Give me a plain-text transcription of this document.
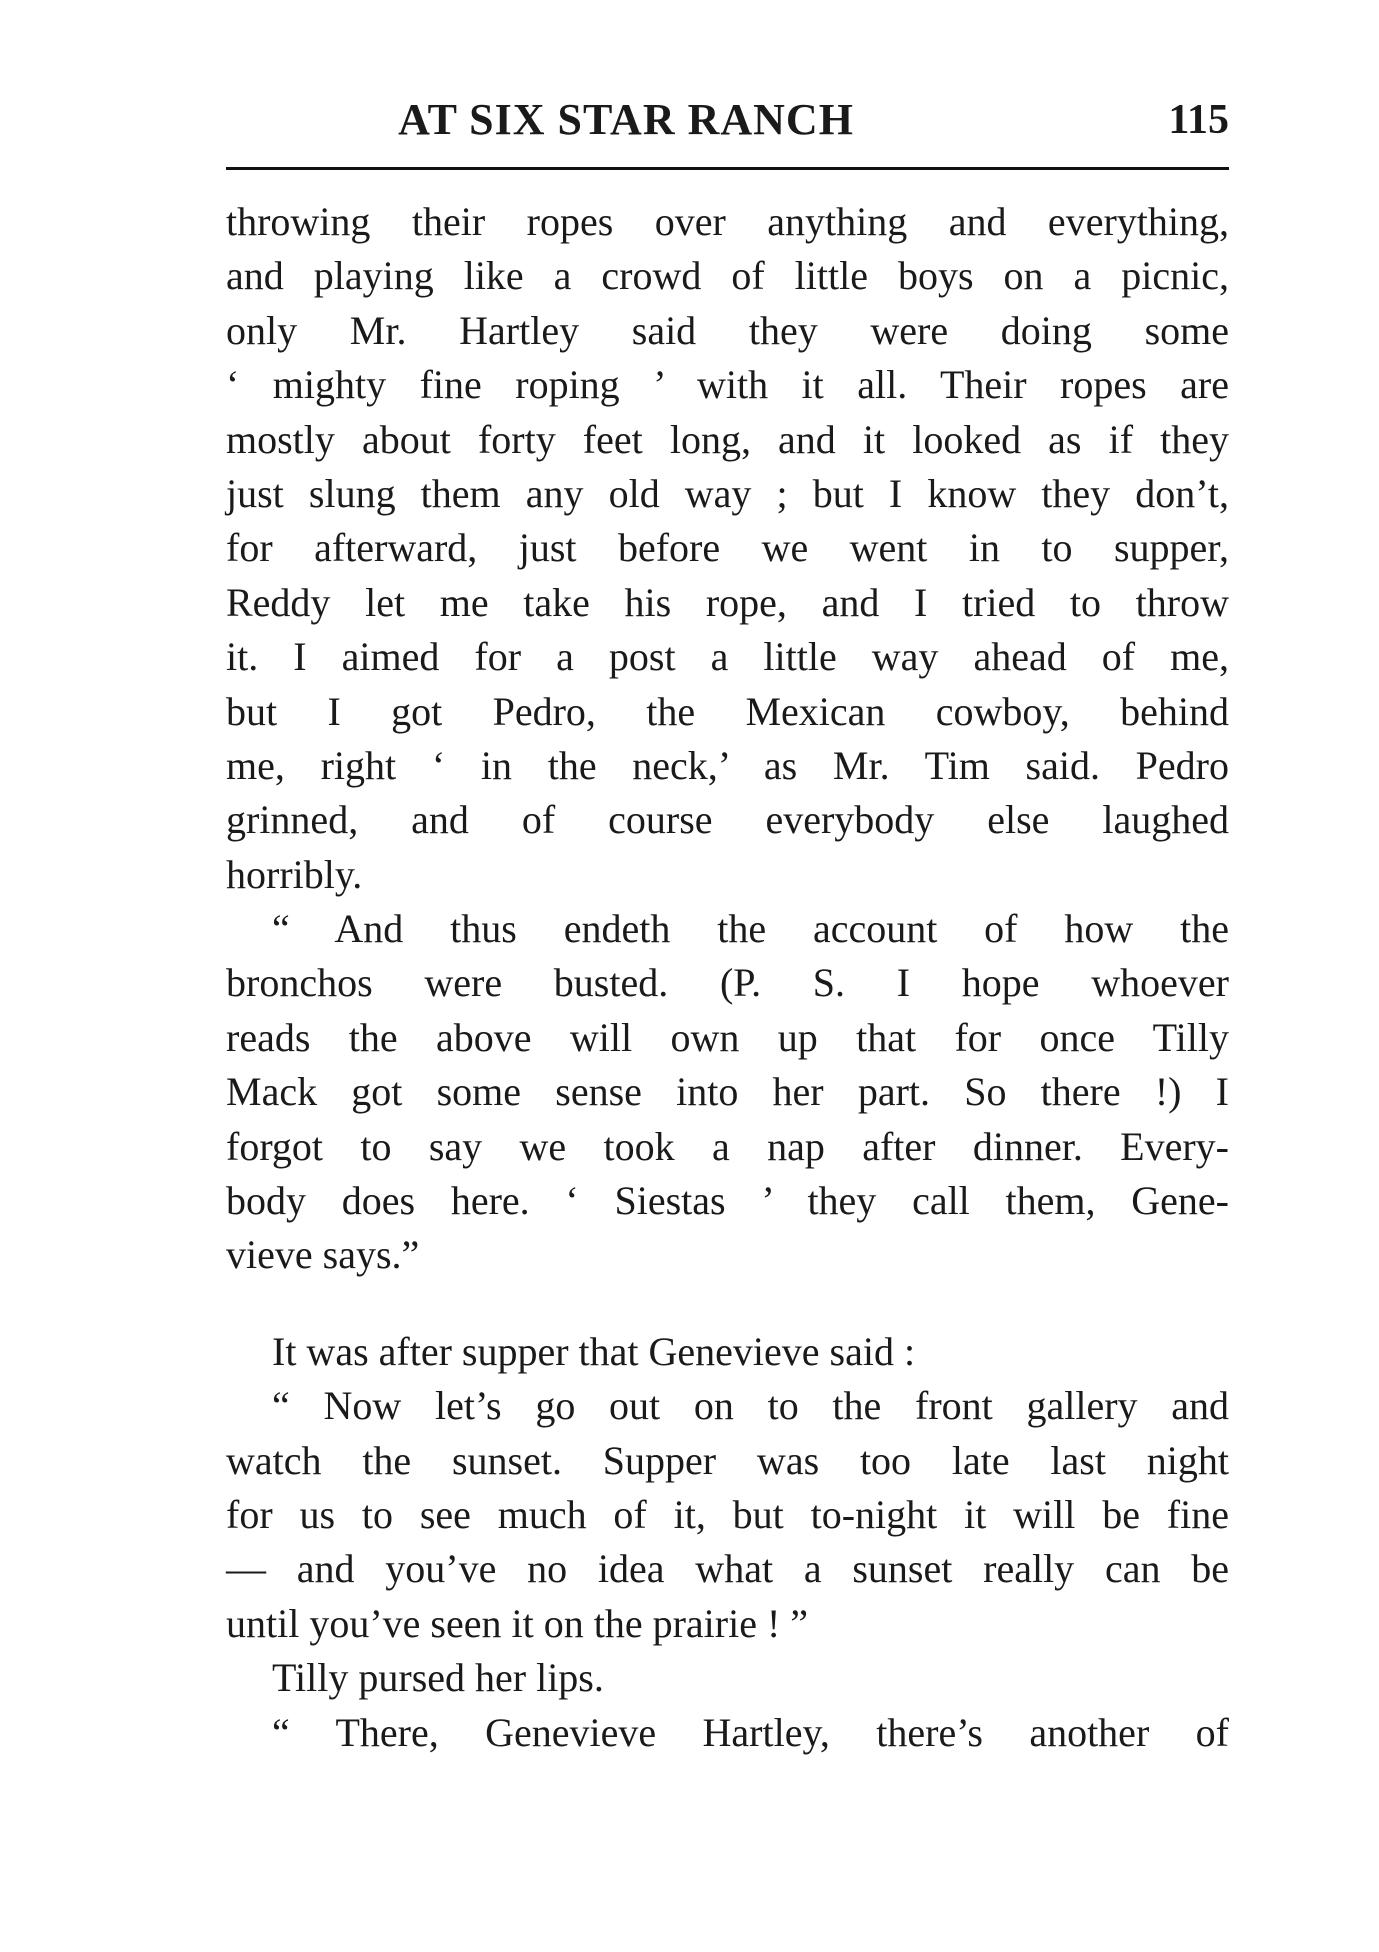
AT SIX STAR RANCH	115
throwing their ropes over anything and everything,
and playing like a crowd of little boys on a picnic,
only Mr. Hartley said they were doing some
‘ mighty fine roping ’ with it all. Their ropes are
mostly about forty feet long, and it looked as if they
just slung them any old way ; but I know they don’t,
for afterward, just before we went in to supper,
Reddy let me take his rope, and I tried to throw
it. I aimed for a post a little way ahead of me,
but I got Pedro, the Mexican cowboy, behind
me, right ‘ in the neck,’ as Mr. Tim said. Pedro
grinned, and of course everybody else laughed
horribly.
“ And thus endeth the account of how the
bronchos were busted. (P. S. I hope whoever
reads the above will own up that for once Tilly
Mack got some sense into her part. So there !) I
forgot to say we took a nap after dinner. Every-
body does here. ‘ Siestas ’ they call them, Gene-
vieve says.”
It was after supper that Genevieve said :
“ Now let’s go out on to the front gallery and
watch the sunset. Supper was too late last night
for us to see much of it, but to-night it will be fine
— and you’ve no idea what a sunset really can be
until you’ve seen it on the prairie ! ”
Tilly pursed her lips.
“ There, Genevieve Hartley, there’s another of
